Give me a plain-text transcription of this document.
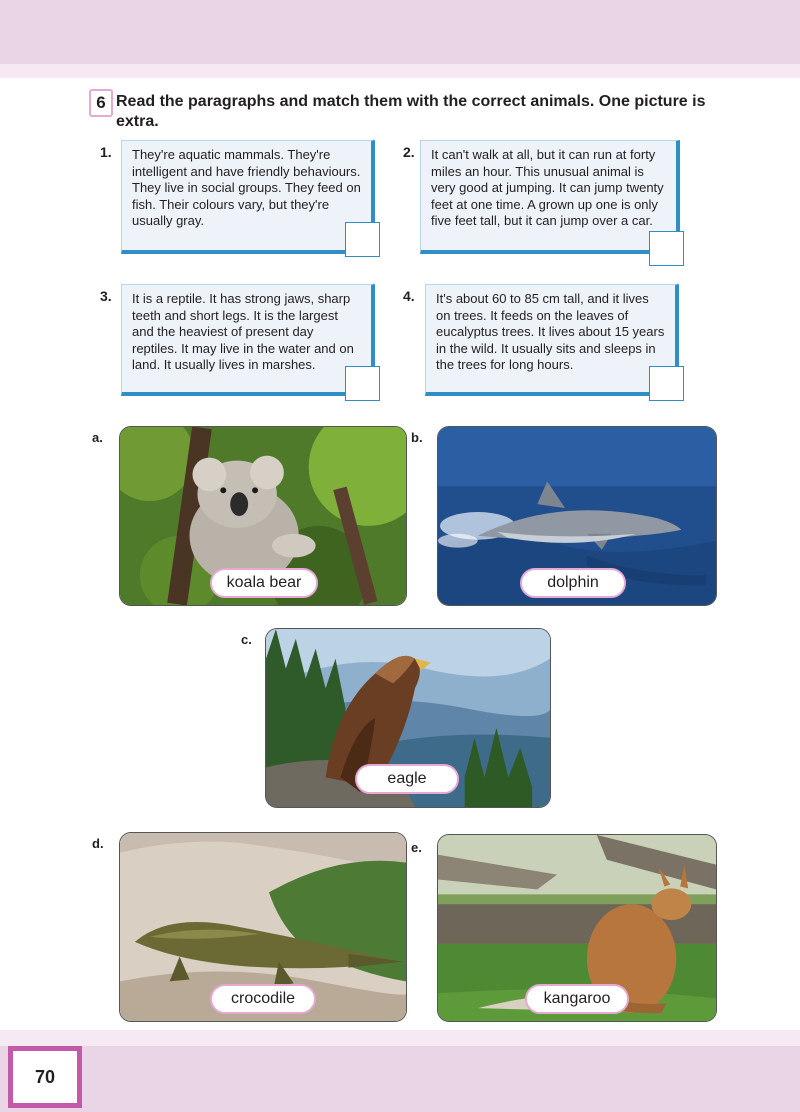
6 Read the paragraphs and match them with the correct animals. One picture is extra.
1.	They're aquatic mammals. They're intelligent and have friendly behaviours. They live in social groups. They feed on fish. Their colours vary, but they're usually gray.
2.	It can't walk at all, but it can run at forty miles an hour. This unusual animal is very good at jumping. It can jump twenty feet at one time. A grown up one is only five feet tall, but it can jump over a car.
3.	It is a reptile. It has strong jaws, sharp teeth and short legs. It is the largest and the heaviest of present day reptiles. It may live in the water and on land. It usually lives in marshes.
4.	It's about 60 to 85 cm tall, and it lives on trees. It feeds on the leaves of eucalyptus trees. It lives about 15 years in the wild. It usually sits and sleeps in the trees for long hours.
a.
koala bear
b.
dolphin
c.
eagle
d.
crocodile
e.
kangaroo
70
